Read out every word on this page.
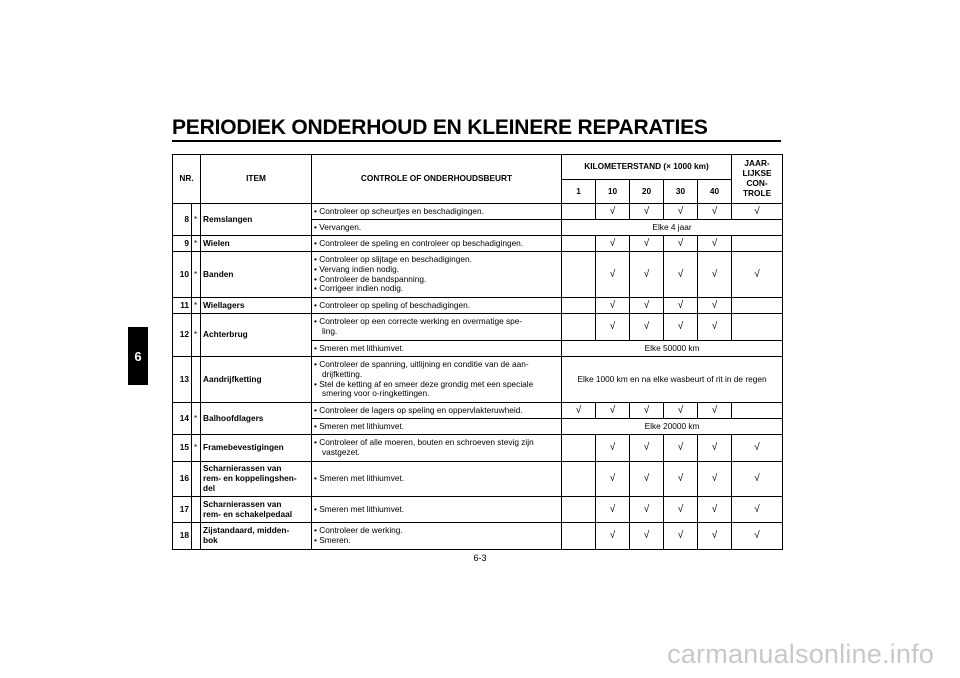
PERIODIEK ONDERHOUD EN KLEINERE REPARATIES
6
NR.		ITEM	CONTROLE OF ONDERHOUDSBEURT	KILOMETERSTAND (× 1000 km)					JAAR-
LIJKSE
CON-
TROLE

				1	10	20	30	40	
8	*	Remslangen	• Controleer op scheurtjes en beschadigingen.		√	√	√	√	√
			• Vervangen.	Elke 4 jaar					
9	*	Wielen	• Controleer de speling en controleer op beschadigingen.		√	√	√	√	
10	*	Banden	• Controleer op slijtage en beschadigingen.
• Vervang indien nodig.
• Controleer de bandspanning.
• Corrigeer indien nodig.		√	√	√	√	√
11	*	Wiellagers	• Controleer op speling of beschadigingen.		√	√	√	√	
12	*	Achterbrug	• Controleer op een correcte werking en overmatige spe-
ling.		√	√	√	√	
			• Smeren met lithiumvet.	Elke 50000 km					
13		Aandrijfketting	• Controleer de spanning, uitlijning en conditie van de aan-
drijfketting.
• Stel de ketting af en smeer deze grondig met een speciale
smering voor o-ringkettingen.	Elke 1000 km en na elke wasbeurt of rit in de regen					
14	*	Balhoofdlagers	• Controleer de lagers op speling en oppervlakteruwheid.	√	√	√	√	√	
			• Smeren met lithiumvet.	Elke 20000 km					
15	*	Framebevestigingen	• Controleer of alle moeren, bouten en schroeven stevig zijn
vastgezet.		√	√	√	√	√
16		Scharnierassen van
rem- en koppelingshen-
del	• Smeren met lithiumvet.		√	√	√	√	√
17		Scharnierassen van
rem- en schakelpedaal	• Smeren met lithiumvet.		√	√	√	√	√
18		Zijstandaard, midden-
bok	• Controleer de werking.
• Smeren.		√	√	√	√	√
6-3
carmanualsonline.info
